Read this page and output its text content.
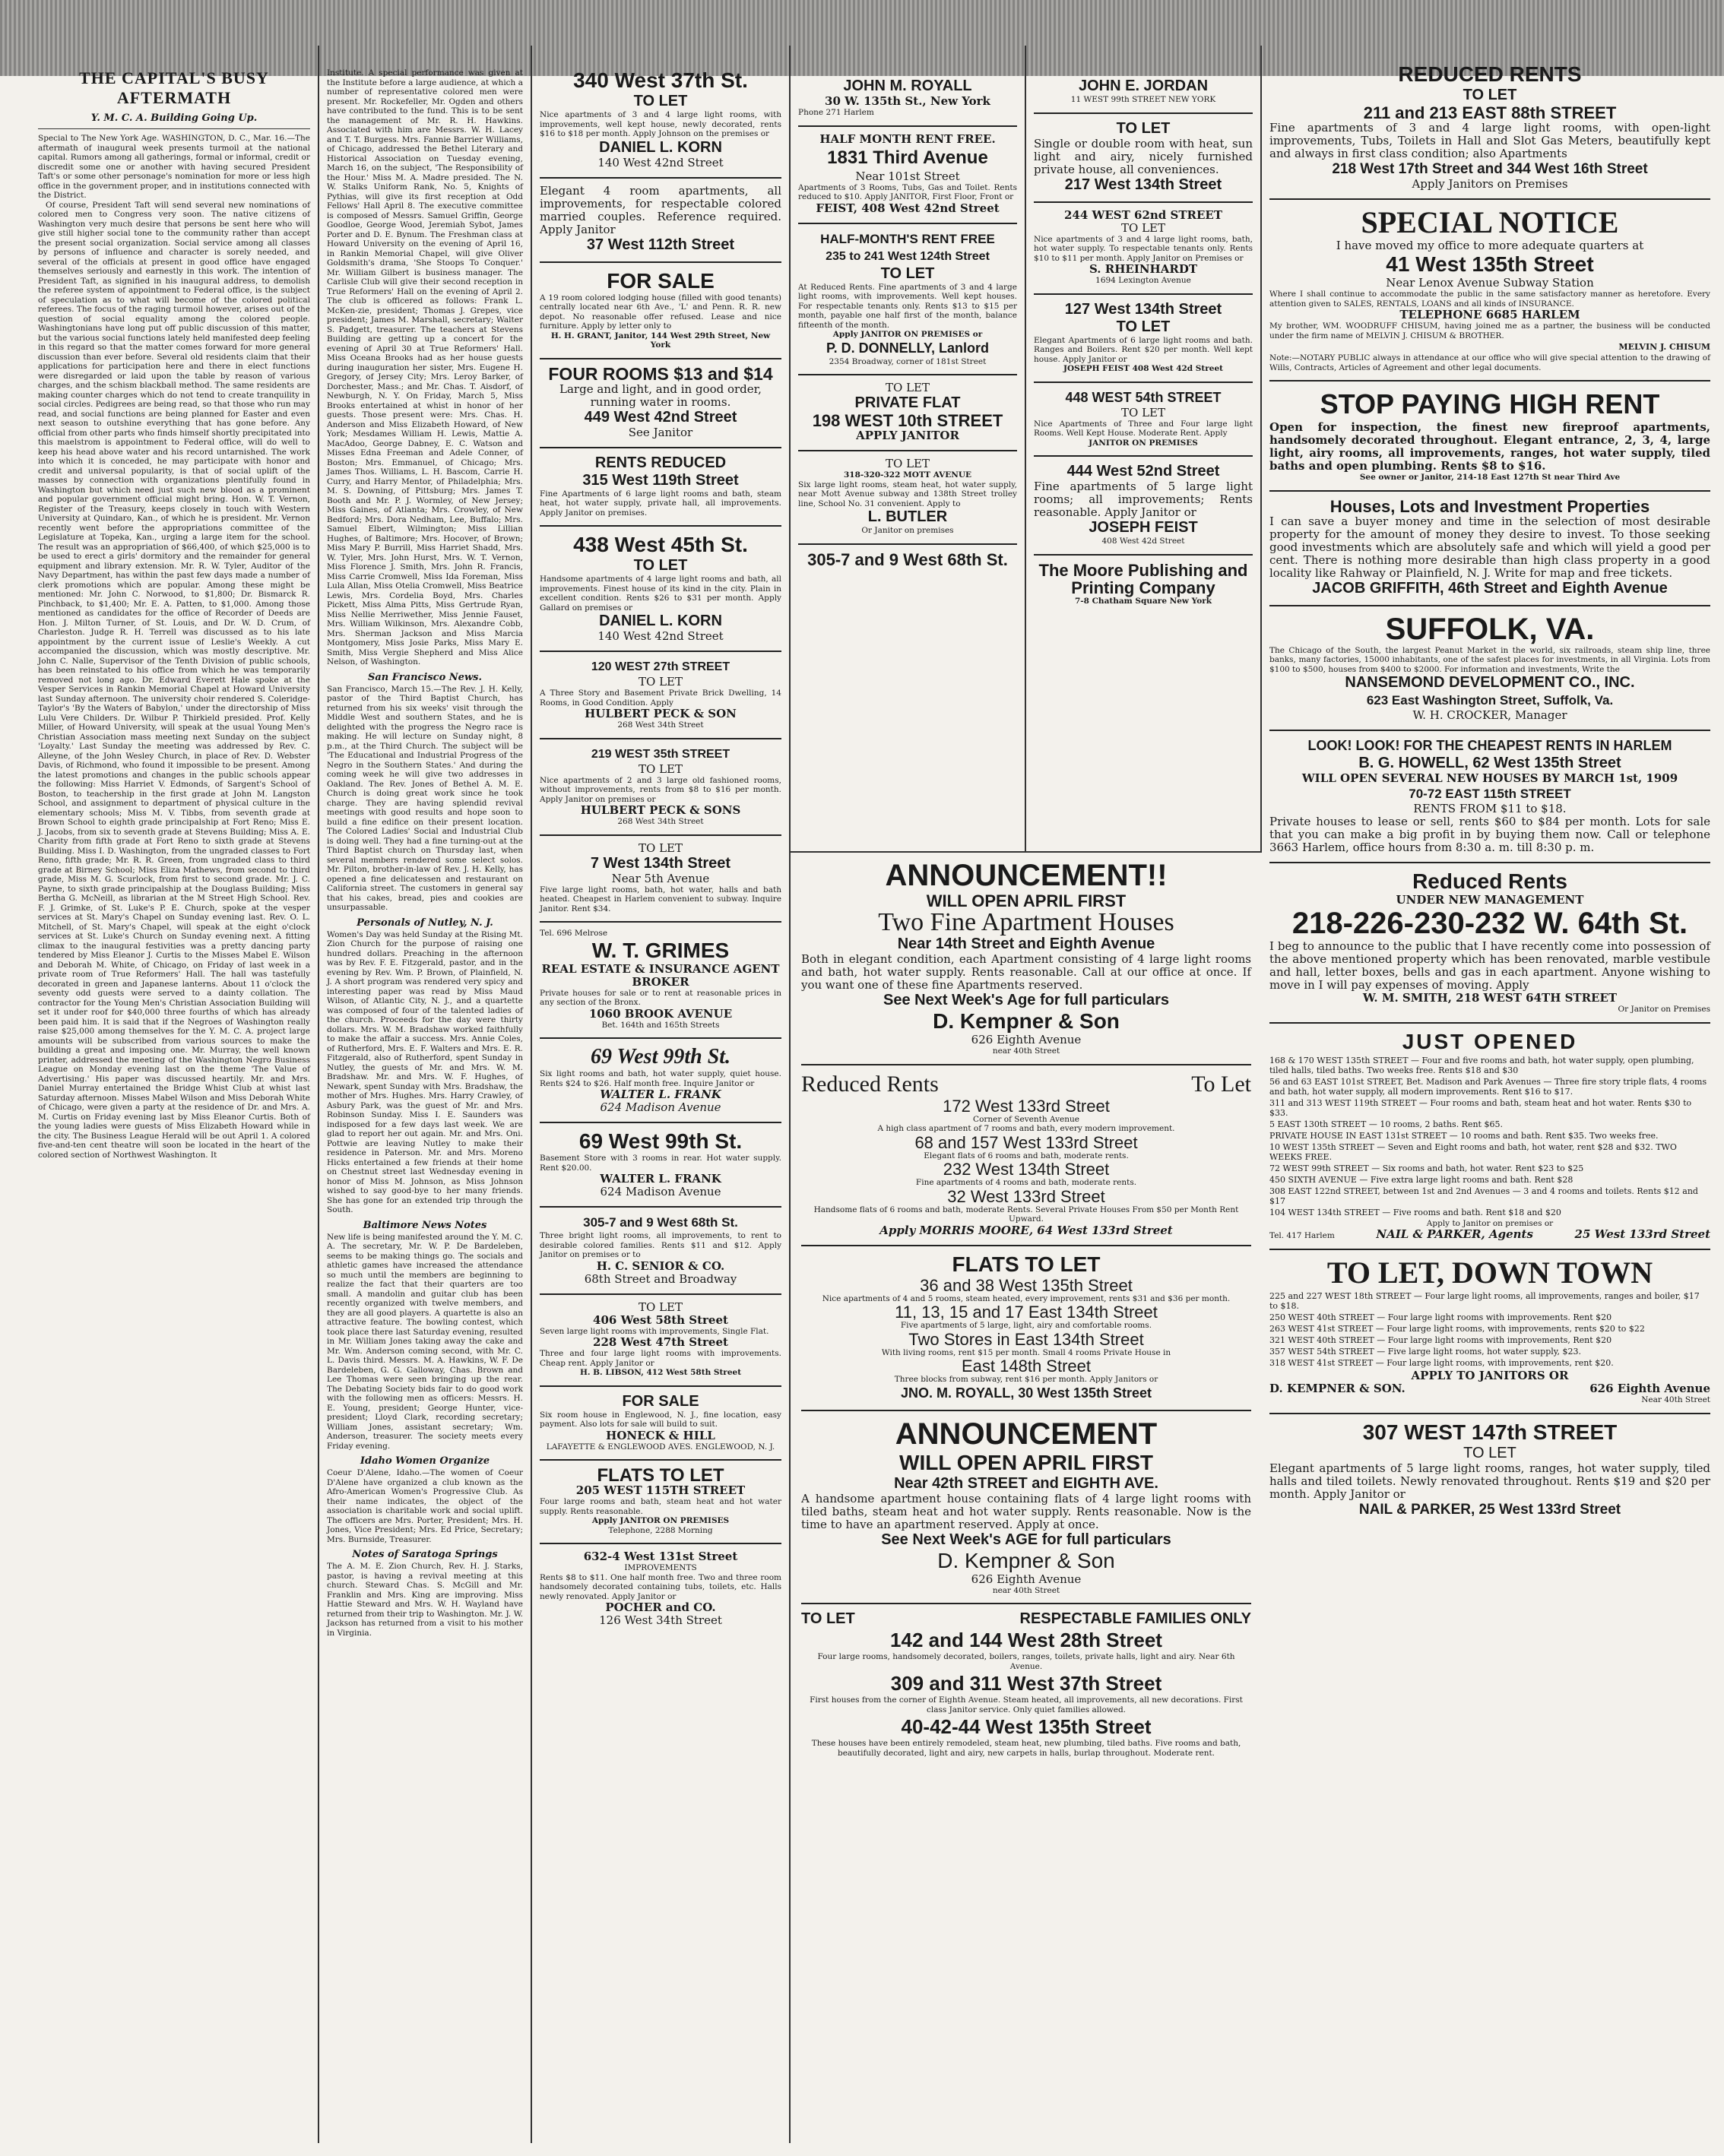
THE CAPITAL'S BUSY AFTERMATH
Y. M. C. A. Building Going Up.
Special to The New York Age. WASHINGTON, D. C., Mar. 16.—The aftermath of inaugural week presents turmoil at the national capital. Rumors among all gatherings, formal or informal, credit or discredit some one or another with having secured President Taft's or some other personage's nomination for more or less high office in the government proper, and in institutions connected with the District.
Of course, President Taft will send several new nominations of colored men to Congress very soon. The native citizens of Washington very much desire that persons be sent here who will give still higher social tone to the community rather than accept the present social organization. Social service among all classes by persons of influence and character is sorely needed, and several of the officials at present in good office have engaged themselves seriously and earnestly in this work. The intention of President Taft, as signified in his inaugural address, to demolish the referee system of appointment to Federal office, is the subject of speculation as to what will become of the colored political referees. The focus of the raging turmoil however, arises out of the question of social equality among the colored people. Washingtonians have long put off public discussion of this matter, but the various social functions lately held manifested deep feeling in this regard so that the matter comes forward for more general discussion than ever before. Several old residents claim that their applications for participation here and there in elect functions were disregarded or laid upon the table by reason of various charges, and the schism blackball method. The same residents are making counter charges which do not tend to create tranquility in social circles. Pedigrees are being read, so that those who run may read, and social functions are being planned for Easter and even next season to outshine everything that has gone before. Any official from other parts who finds himself shortly precipitated into this maelstrom is appointment to Federal office, will do well to keep his head above water and his record untarnished. The work into which it is conceded, he may participate with honor and credit and universal popularity, is that of social uplift of the masses by connection with organizations plentifully found in Washington but which need just such new blood as a prominent and popular government official might bring. Hon. W. T. Vernon, Register of the Treasury, keeps closely in touch with Western University at Quindaro, Kan., of which he is president. Mr. Vernon recently went before the appropriations committee of the Legislature at Topeka, Kan., urging a large item for the school. The result was an appropriation of $66,400, of which $25,000 is to be used to erect a girls' dormitory and the remainder for general equipment and library extension. Mr. R. W. Tyler, Auditor of the Navy Department, has within the past few days made a number of clerk promotions which are popular. Among these might be mentioned: Mr. John C. Norwood, to $1,800; Dr. Bismarck R. Pinchback, to $1,400; Mr. E. A. Patten, to $1,000. Among those mentioned as candidates for the office of Recorder of Deeds are Hon. J. Milton Turner, of St. Louis, and Dr. W. D. Crum, of Charleston. Judge R. H. Terrell was discussed as to his late appointment by the current issue of Leslie's Weekly. A cut accompanied the discussion, which was mostly descriptive. Mr. John C. Nalle, Supervisor of the Tenth Division of public schools, has been reinstated to his office from which he was temporarily removed not long ago. Dr. Edward Everett Hale spoke at the Vesper Services in Rankin Memorial Chapel at Howard University last Sunday afternoon. The university choir rendered S. Coleridge-Taylor's 'By the Waters of Babylon,' under the directorship of Miss Lulu Vere Childers. Dr. Wilbur P. Thirkield presided. Prof. Kelly Miller, of Howard University, will speak at the usual Young Men's Christian Association mass meeting next Sunday on the subject 'Loyalty.' Last Sunday the meeting was addressed by Rev. C. Alleyne, of the John Wesley Church, in place of Rev. D. Webster Davis, of Richmond, who found it impossible to be present. Among the latest promotions and changes in the public schools appear the following: Miss Harriet V. Edmonds, of Sargent's School of Boston, to teachership in the first grade at John M. Langston School, and assignment to department of physical culture in the elementary schools; Miss M. V. Tibbs, from seventh grade at Brown School to eighth grade principalship at Fort Reno; Miss E. J. Jacobs, from six to seventh grade at Stevens Building; Miss A. E. Charity from fifth grade at Fort Reno to sixth grade at Stevens Building. Miss I. D. Washington, from the ungraded classes to Fort Reno, fifth grade; Mr. R. R. Green, from ungraded class to third grade at Birney School; Miss Eliza Mathews, from second to third grade, Miss M. G. Scurlock, from first to second grade. Mr. J. C. Payne, to sixth grade principalship at the Douglass Building; Miss Bertha G. McNeill, as librarian at the M Street High School. Rev. F. J. Grimke, of St. Luke's P. E. Church, spoke at the vesper services at St. Mary's Chapel on Sunday evening last. Rev. O. L. Mitchell, of St. Mary's Chapel, will speak at the eight o'clock services at St. Luke's Church on Sunday evening next. A fitting climax to the inaugural festivities was a pretty dancing party tendered by Miss Eleanor J. Curtis to the Misses Mabel E. Wilson and Deborah M. White, of Chicago, on Friday of last week in a private room of True Reformers' Hall. The hall was tastefully decorated in green and Japanese lanterns. About 11 o'clock the seventy odd guests were served to a dainty collation. The contractor for the Young Men's Christian Association Building will set it under roof for $40,000 three fourths of which has already been paid him. It is said that if the Negroes of Washington really raise $25,000 among themselves for the Y. M. C. A. project large amounts will be subscribed from various sources to make the building a great and imposing one. Mr. Murray, the well known printer, addressed the meeting of the Washington Negro Business League on Monday evening last on the theme 'The Value of Advertising.' His paper was discussed heartily. Mr. and Mrs. Daniel Murray entertained the Bridge Whist Club at whist last Saturday afternoon. Misses Mabel Wilson and Miss Deborah White of Chicago, were given a party at the residence of Dr. and Mrs. A. M. Curtis on Friday evening last by Miss Eleanor Curtis. Both of the young ladies were guests of Miss Elizabeth Howard while in the city. The Business League Herald will be out April 1. A colored five-and-ten cent theatre will soon be located in the heart of the colored section of Northwest Washington. It
Institute. A special performance was given at the Institute before a large audience, at which a number of representative colored men were present. Mr. Rockefeller, Mr. Ogden and others have contributed to the fund. This is to be sent the management of Mr. R. H. Hawkins. Associated with him are Messrs. W. H. Lacey and T. T. Burgess. Mrs. Fannie Barrier Williams, of Chicago, addressed the Bethel Literary and Historical Association on Tuesday evening, March 16, on the subject, 'The Responsibility of the Hour.' Miss M. A. Madre presided. The N. W. Stalks Uniform Rank, No. 5, Knights of Pythias, will give its first reception at Odd Fellows' Hall April 8. The executive committee is composed of Messrs. Samuel Griffin, George Goodloe, George Wood, Jeremiah Sybot, James Porter and D. E. Bynum. The Freshman class at Howard University on the evening of April 16, in Rankin Memorial Chapel, will give Oliver Goldsmith's drama, 'She Stoops To Conquer.' Mr. William Gilbert is business manager. The Carlisle Club will give their second reception in True Reformers' Hall on the evening of April 2. The club is officered as follows: Frank L. McKen-zie, president; Thomas J. Grepes, vice president; James M. Marshall, secretary; Walter S. Padgett, treasurer. The teachers at Stevens Building are getting up a concert for the evening of April 30 at True Reformers' Hall. Miss Oceana Brooks had as her house guests during inauguration her sister, Mrs. Eugene H. Gregory, of Jersey City; Mrs. Leroy Barker, of Dorchester, Mass.; and Mr. Chas. T. Aisdorf, of Newburgh, N. Y. On Friday, March 5, Miss Brooks entertained at whist in honor of her guests. Those present were: Mrs. Chas. H. Anderson and Miss Elizabeth Howard, of New York; Mesdames William H. Lewis, Mattie A. MacAdoo, George Dabney, E. C. Watson and Misses Edna Freeman and Adele Conner, of Boston; Mrs. Emmanuel, of Chicago; Mrs. James Thos. Williams, L. H. Bascom, Carrie H. Curry, and Harry Mentor, of Philadelphia; Mrs. M. S. Downing, of Pittsburg; Mrs. James T. Booth and Mr. P. J. Wormley, of New Jersey; Miss Gaines, of Atlanta; Mrs. Crowley, of New Bedford; Mrs. Dora Nedham, Lee, Buffalo; Mrs. Samuel Elbert, Wilmington; Miss Lillian Hughes, of Baltimore; Mrs. Hocover, of Brown; Miss Mary P. Burrill, Miss Harriet Shadd, Mrs. W. Tyler, Mrs. John Hurst, Mrs. W. T. Vernon, Miss Florence J. Smith, Mrs. John R. Francis, Miss Carrie Cromwell, Miss Ida Foreman, Miss Lula Allan, Miss Otelia Cromwell, Miss Beatrice Lewis, Mrs. Cordelia Boyd, Mrs. Charles Pickett, Miss Alma Pitts, Miss Gertrude Ryan, Miss Nellie Merriwether, Miss Jennie Fauset, Mrs. William Wilkinson, Mrs. Alexandre Cobb, Mrs. Sherman Jackson and Miss Marcia Montgomery, Miss Josie Parks, Miss Mary E. Smith, Miss Vergie Shepherd and Miss Alice Nelson, of Washington.
San Francisco News.
San Francisco, March 15.—The Rev. J. H. Kelly, pastor of the Third Baptist Church, has returned from his six weeks' visit through the Middle West and southern States, and he is delighted with the progress the Negro race is making. He will lecture on Sunday night, 8 p.m., at the Third Church. The subject will be 'The Educational and Industrial Progress of the Negro in the Southern States.' And during the coming week he will give two addresses in Oakland. The Rev. Jones of Bethel A. M. E. Church is doing great work since he took charge. They are having splendid revival meetings with good results and hope soon to build a fine edifice on their present location. The Colored Ladies' Social and Industrial Club is doing well. They had a fine turning-out at the Third Baptist church on Thursday last, when several members rendered some select solos. Mr. Pilton, brother-in-law of Rev. J. H. Kelly, has opened a fine delicatessen and restaurant on California street. The customers in general say that his cakes, bread, pies and cookies are unsurpassable.
Personals of Nutley, N. J.
Women's Day was held Sunday at the Rising Mt. Zion Church for the purpose of raising one hundred dollars. Preaching in the afternoon was by Rev. F. E. Fitzgerald, pastor, and in the evening by Rev. Wm. P. Brown, of Plainfield, N. J. A short program was rendered very spicy and interesting paper was read by Miss Maud Wilson, of Atlantic City, N. J., and a quartette was composed of four of the talented ladies of the church. Proceeds for the day were thirty dollars. Mrs. W. M. Bradshaw worked faithfully to make the affair a success. Mrs. Annie Coles, of Rutherford, Mrs. E. F. Walters and Mrs. E. R. Fitzgerald, also of Rutherford, spent Sunday in Nutley, the guests of Mr. and Mrs. W. M. Bradshaw. Mr. and Mrs. W. F. Hughes, of Newark, spent Sunday with Mrs. Bradshaw, the mother of Mrs. Hughes. Mrs. Harry Crawley, of Asbury Park, was the guest of Mr. and Mrs. Robinson Sunday. Miss I. E. Saunders was indisposed for a few days last week. We are glad to report her out again. Mr. and Mrs. Oni. Pottwie are leaving Nutley to make their residence in Paterson. Mr. and Mrs. Moreno Hicks entertained a few friends at their home on Chestnut street last Wednesday evening in honor of Miss M. Johnson, as Miss Johnson wished to say good-bye to her many friends. She has gone for an extended trip through the South.
Baltimore News Notes
New life is being manifested around the Y. M. C. A. The secretary, Mr. W. P. De Bardeleben, seems to be making things go. The socials and athletic games have increased the attendance so much until the members are beginning to realize the fact that their quarters are too small. A mandolin and guitar club has been recently organized with twelve members, and they are all good players. A quartette is also an attractive feature. The bowling contest, which took place there last Saturday evening, resulted in Mr. William Jones taking away the cake and Mr. Wm. Anderson coming second, with Mr. C. L. Davis third. Messrs. M. A. Hawkins, W. F. De Bardeleben, G. G. Galloway, Chas. Brown and Lee Thomas were seen bringing up the rear. The Debating Society bids fair to do good work with the following men as officers: Messrs. H. E. Young, president; George Hunter, vice-president; Lloyd Clark, recording secretary; William Jones, assistant secretary; Wm. Anderson, treasurer. The society meets every Friday evening.
Idaho Women Organize
Coeur D'Alene, Idaho.—The women of Coeur D'Alene have organized a club known as the Afro-American Women's Progressive Club. As their name indicates, the object of the association is charitable work and social uplift. The officers are Mrs. Porter, President; Mrs. H. Jones, Vice President; Mrs. Ed Price, Secretary; Mrs. Burnside, Treasurer.
Notes of Saratoga Springs
The A. M. E. Zion Church, Rev. H. J. Starks, pastor, is having a revival meeting at this church. Steward Chas. S. McGill and Mr. Franklin and Mrs. King are improving. Miss Hattie Steward and Mrs. W. H. Wayland have returned from their trip to Washington. Mr. J. W. Jackson has returned from a visit to his mother in Virginia.
340 West 37th St.
TO LET
Nice apartments of 3 and 4 large light rooms, with improvements, well kept house, newly decorated, rents $16 to $18 per month. Apply Johnson on the premises or
DANIEL L. KORN
140 West 42nd Street
Elegant 4 room apartments, all improvements, for respectable colored married couples. Reference required. Apply Janitor
37 West 112th Street
FOR SALE
A 19 room colored lodging house (filled with good tenants) centrally located near 6th Ave., 'L' and Penn. R. R. new depot. No reasonable offer refused. Lease and nice furniture. Apply by letter only to
H. H. GRANT, Janitor, 144 West 29th Street, New York
FOUR ROOMS $13 and $14
Large and light, and in good order, running water in rooms.
449 West 42nd Street
See Janitor
RENTS REDUCED
315 West 119th Street
Fine Apartments of 6 large light rooms and bath, steam heat, hot water supply, private hall, all improvements. Apply Janitor on premises.
438 West 45th St.
TO LET
Handsome apartments of 4 large light rooms and bath, all improvements. Finest house of its kind in the city. Plain in excellent condition. Rents $26 to $31 per month. Apply Gallard on premises or
DANIEL L. KORN
140 West 42nd Street
120 WEST 27th STREET
TO LET
A Three Story and Basement Private Brick Dwelling, 14 Rooms, in Good Condition. Apply
HULBERT PECK & SON
268 West 34th Street
219 WEST 35th STREET
TO LET
Nice apartments of 2 and 3 large old fashioned rooms, without improvements, rents from $8 to $16 per month. Apply Janitor on premises or
HULBERT PECK & SONS
268 West 34th Street
TO LET
7 West 134th Street
Near 5th Avenue
Five large light rooms, bath, hot water, halls and bath heated. Cheapest in Harlem convenient to subway. Inquire Janitor. Rent $34.
Tel. 696 Melrose
W. T. GRIMES
REAL ESTATE & INSURANCE AGENT BROKER
Private houses for sale or to rent at reasonable prices in any section of the Bronx.
1060 BROOK AVENUE
Bet. 164th and 165th Streets
69 West 99th St.
Six light rooms and bath, hot water supply, quiet house. Rents $24 to $26. Half month free. Inquire Janitor or
WALTER L. FRANK
624 Madison Avenue
69 West 99th St.
Basement Store with 3 rooms in rear. Hot water supply. Rent $20.00.
WALTER L. FRANK
624 Madison Avenue
305-7 and 9 West 68th St.
Three bright light rooms, all improvements, to rent to desirable colored families. Rents $11 and $12. Apply Janitor on premises or to
H. C. SENIOR & CO.
68th Street and Broadway
TO LET
406 West 58th Street
Seven large light rooms with improvements, Single Flat.
228 West 47th Street
Three and four large light rooms with improvements. Cheap rent. Apply Janitor or
H. B. LIBSON, 412 West 58th Street
FOR SALE
Six room house in Englewood, N. J., fine location, easy payment. Also lots for sale will build to suit.
HONECK & HILL
LAFAYETTE & ENGLEWOOD AVES. ENGLEWOOD, N. J.
FLATS TO LET
205 WEST 115TH STREET
Four large rooms and bath, steam heat and hot water supply. Rents reasonable.
Apply JANITOR ON PREMISES
Telephone, 2288 Morning
632-4 West 131st Street
IMPROVEMENTS
Rents $8 to $11. One half month free. Two and three room handsomely decorated containing tubs, toilets, etc. Halls newly renovated. Apply Janitor or
POCHER and CO.
126 West 34th Street
JOHN M. ROYALL
30 W. 135th St., New York
Phone 271 Harlem
HALF MONTH RENT FREE.
1831 Third Avenue
Near 101st Street
Apartments of 3 Rooms, Tubs, Gas and Toilet. Rents reduced to $10. Apply JANITOR, First Floor, Front or
FEIST, 408 West 42nd Street
HALF-MONTH'S RENT FREE
235 to 241 West 124th Street
TO LET
At Reduced Rents. Fine apartments of 3 and 4 large light rooms, with improvements. Well kept houses. For respectable tenants only. Rents $13 to $15 per month, payable one half first of the month, balance fifteenth of the month.
Apply JANITOR ON PREMISES or
P. D. DONNELLY, Lanlord
2354 Broadway, corner of 181st Street
TO LET
PRIVATE FLAT
198 WEST 10th STREET
APPLY JANITOR
TO LET
318-320-322 MOTT AVENUE
Six large light rooms, steam heat, hot water supply, near Mott Avenue subway and 138th Street trolley line, School No. 31 convenient. Apply to
L. BUTLER
Or Janitor on premises
305-7 and 9 West 68th St.
JOHN E. JORDAN
11 WEST 99th STREET NEW YORK
TO LET
Single or double room with heat, sun light and airy, nicely furnished private house, all conveniences.
217 West 134th Street
244 WEST 62nd STREET
TO LET
Nice apartments of 3 and 4 large light rooms, bath, hot water supply. To respectable tenants only. Rents $10 to $11 per month. Apply Janitor on Premises or
S. RHEINHARDT
1694 Lexington Avenue
127 West 134th Street
TO LET
Elegant Apartments of 6 large light rooms and bath. Ranges and Boilers. Rent $20 per month. Well kept house. Apply Janitor or
JOSEPH FEIST 408 West 42d Street
448 WEST 54th STREET
TO LET
Nice Apartments of Three and Four large light Rooms. Well Kept House. Moderate Rent. Apply
JANITOR ON PREMISES
444 West 52nd Street
Fine apartments of 5 large light rooms; all improvements; Rents reasonable. Apply Janitor or
JOSEPH FEIST
408 West 42d Street
The Moore Publishing and Printing Company
7-8 Chatham Square New York
ANNOUNCEMENT!!
WILL OPEN APRIL FIRST
Two Fine Apartment Houses
Near 14th Street and Eighth Avenue
Both in elegant condition, each Apartment consisting of 4 large light rooms and bath, hot water supply. Rents reasonable. Call at our office at once. If you want one of these fine Apartments reserved.
See Next Week's Age for full particulars
D. Kempner & Son
626 Eighth Avenue
near 40th Street
Reduced Rents	To Let
172 West 133rd Street
Corner of Seventh Avenue
A high class apartment of 7 rooms and bath, every modern improvement.
68 and 157 West 133rd Street
Elegant flats of 6 rooms and bath, moderate rents.
232 West 134th Street
Fine apartments of 4 rooms and bath, moderate rents.
32 West 133rd Street
Handsome flats of 6 rooms and bath, moderate Rents. Several Private Houses From $50 per Month Rent Upward.
Apply MORRIS MOORE, 64 West 133rd Street
FLATS TO LET
36 and 38 West 135th Street
Nice apartments of 4 and 5 rooms, steam heated, every improvement, rents $31 and $36 per month.
11, 13, 15 and 17 East 134th Street
Five apartments of 5 large, light, airy and comfortable rooms.
Two Stores in East 134th Street
With living rooms, rent $15 per month. Small 4 rooms Private House in
East 148th Street
Three blocks from subway, rent $16 per month. Apply Janitors or
JNO. M. ROYALL, 30 West 135th Street
ANNOUNCEMENT
WILL OPEN APRIL FIRST
Near 42th STREET and EIGHTH AVE.
A handsome apartment house containing flats of 4 large light rooms with tiled baths, steam heat and hot water supply. Rents reasonable. Now is the time to have an apartment reserved. Apply at once.
See Next Week's AGE for full particulars
D. Kempner & Son
626 Eighth Avenue
near 40th Street
TO LET	RESPECTABLE FAMILIES ONLY
142 and 144 West 28th Street
Four large rooms, handsomely decorated, boilers, ranges, toilets, private halls, light and airy. Near 6th Avenue.
309 and 311 West 37th Street
First houses from the corner of Eighth Avenue. Steam heated, all improvements, all new decorations. First class Janitor service. Only quiet families allowed.
40-42-44 West 135th Street
These houses have been entirely remodeled, steam heat, new plumbing, tiled baths. Five rooms and bath, beautifully decorated, light and airy, new carpets in halls, burlap throughout. Moderate rent.
REDUCED RENTS
TO LET
211 and 213 EAST 88th STREET
Fine apartments of 3 and 4 large light rooms, with open-light improvements, Tubs, Toilets in Hall and Slot Gas Meters, beautifully kept and always in first class condition; also Apartments
218 West 17th Street and 344 West 16th Street
Apply Janitors on Premises
SPECIAL NOTICE
I have moved my office to more adequate quarters at
41 West 135th Street
Near Lenox Avenue Subway Station
Where I shall continue to accommodate the public in the same satisfactory manner as heretofore. Every attention given to SALES, RENTALS, LOANS and all kinds of INSURANCE.
TELEPHONE 6685 HARLEM
My brother, WM. WOODRUFF CHISUM, having joined me as a partner, the business will be conducted under the firm name of MELVIN J. CHISUM & BROTHER.
MELVIN J. CHISUM
Note:—NOTARY PUBLIC always in attendance at our office who will give special attention to the drawing of Wills, Contracts, Articles of Agreement and other legal documents.
STOP PAYING HIGH RENT
Open for inspection, the finest new fireproof apartments, handsomely decorated throughout. Elegant entrance, 2, 3, 4, large light, airy rooms, all improvements, ranges, hot water supply, tiled baths and open plumbing. Rents $8 to $16.
See owner or Janitor, 214-18 East 127th St near Third Ave
Houses, Lots and Investment Properties
I can save a buyer money and time in the selection of most desirable property for the amount of money they desire to invest. To those seeking good investments which are absolutely safe and which will yield a good per cent. There is nothing more desirable than high class property in a good locality like Rahway or Plainfield, N. J. Write for map and free tickets.
JACOB GRIFFITH, 46th Street and Eighth Avenue
SUFFOLK, VA.
The Chicago of the South, the largest Peanut Market in the world, six railroads, steam ship line, three banks, many factories, 15000 inhabitants, one of the safest places for investments, in all Virginia. Lots from $100 to $500, houses from $400 to $2000. For information and investments, Write the
NANSEMOND DEVELOPMENT CO., INC.
623 East Washington Street, Suffolk, Va.
W. H. CROCKER, Manager
LOOK! LOOK! FOR THE CHEAPEST RENTS IN HARLEM
B. G. HOWELL, 62 West 135th Street
WILL OPEN SEVERAL NEW HOUSES BY MARCH 1st, 1909
70-72 EAST 115th STREET
RENTS FROM $11 to $18.
Private houses to lease or sell, rents $60 to $84 per month. Lots for sale that you can make a big profit in by buying them now. Call or telephone 3663 Harlem, office hours from 8:30 a. m. till 8:30 p. m.
Reduced Rents
UNDER NEW MANAGEMENT
218-226-230-232 W. 64th St.
I beg to announce to the public that I have recently come into possession of the above mentioned property which has been renovated, marble vestibule and hall, letter boxes, bells and gas in each apartment. Anyone wishing to move in I will pay expenses of moving. Apply
W. M. SMITH, 218 WEST 64TH STREET
Or Janitor on Premises
JUST OPENED
168 & 170 WEST 135th STREET — Four and five rooms and bath, hot water supply, open plumbing, tiled halls, tiled baths. Two weeks free. Rents $18 and $30
56 and 63 EAST 101st STREET, Bet. Madison and Park Avenues — Three fire story triple flats, 4 rooms and bath, hot water supply, all modern improvements. Rent $16 to $17.
311 and 313 WEST 119th STREET — Four rooms and bath, steam heat and hot water. Rents $30 to $33.
5 EAST 130th STREET — 10 rooms, 2 baths. Rent $65.
PRIVATE HOUSE IN EAST 131st STREET — 10 rooms and bath. Rent $35. Two weeks free.
10 WEST 135th STREET — Seven and Eight rooms and bath, hot water, rent $28 and $32. TWO WEEKS FREE.
72 WEST 99th STREET — Six rooms and bath, hot water. Rent $23 to $25
450 SIXTH AVENUE — Five extra large light rooms and bath. Rent $28
308 EAST 122nd STREET, between 1st and 2nd Avenues — 3 and 4 rooms and toilets. Rents $12 and $17
104 WEST 134th STREET — Five rooms and bath. Rent $18 and $20
Apply to Janitor on premises or
Tel. 417 Harlem	NAIL & PARKER, Agents	25 West 133rd Street
TO LET, DOWN TOWN
225 and 227 WEST 18th STREET — Four large light rooms, all improvements, ranges and boiler, $17 to $18.
250 WEST 40th STREET — Four large light rooms with improvements. Rent $20
263 WEST 41st STREET — Four large light rooms, with improvements, rents $20 to $22
321 WEST 40th STREET — Four large light rooms with improvements, Rent $20
357 WEST 54th STREET — Five large light rooms, hot water supply, $23.
318 WEST 41st STREET — Four large light rooms, with improvements, rent $20.
APPLY TO JANITORS OR
D. KEMPNER & SON.	626 Eighth Avenue
Near 40th Street
307 WEST 147th STREET
TO LET
Elegant apartments of 5 large light rooms, ranges, hot water supply, tiled halls and tiled toilets. Newly renovated throughout. Rents $19 and $20 per month. Apply Janitor or
NAIL & PARKER, 25 West 133rd Street
